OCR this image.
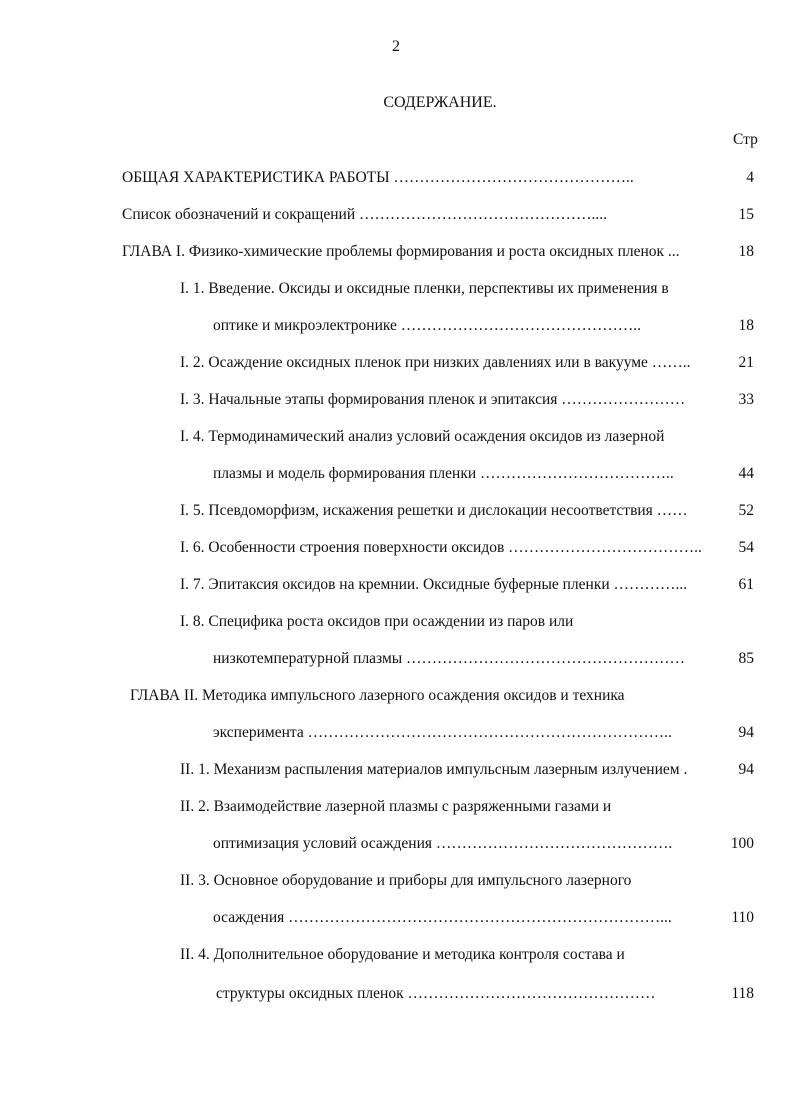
2
СОДЕРЖАНИЕ.
Стр
ОБЩАЯ ХАРАКТЕРИСТИКА РАБОТЫ ………………………………………..	4
Список обозначений и сокращений ………………………………………....	15
ГЛАВА I. Физико-химические проблемы формирования и роста оксидных пленок ...	18
I. 1. Введение. Оксиды и оксидные пленки, перспективы их применения в
оптике и микроэлектронике ………………………………………..	18
I. 2. Осаждение оксидных пленок при низких давлениях или в вакууме ……..	21
I. 3. Начальные этапы формирования пленок и эпитаксия ……………………	33
I. 4. Термодинамический анализ условий осаждения оксидов из лазерной
плазмы и модель формирования пленки ………………………………..	44
I. 5. Псевдоморфизм, искажения решетки и дислокации несоответствия ……	52
I. 6. Особенности строения поверхности оксидов ……………………………….. 54
I. 7. Эпитаксия оксидов на кремнии. Оксидные буферные пленки …………...	61
I. 8. Специфика роста оксидов при осаждении из паров или
низкотемпературной плазмы ………………………………………………	85
ГЛАВА II. Методика импульсного лазерного осаждения оксидов и техника
эксперимента ……………………………………………………………..	94
II. 1. Механизм распыления материалов импульсным лазерным излучением .	94
II. 2. Взаимодействие лазерной плазмы с разряженными газами и
оптимизация условий осаждения ……………………………………….	100
II. 3. Основное оборудование и приборы для импульсного лазерного
осаждения ………………………………………………………………...	110
II. 4. Дополнительное оборудование и методика контроля состава и
структуры оксидных пленок …………………………………………	118
